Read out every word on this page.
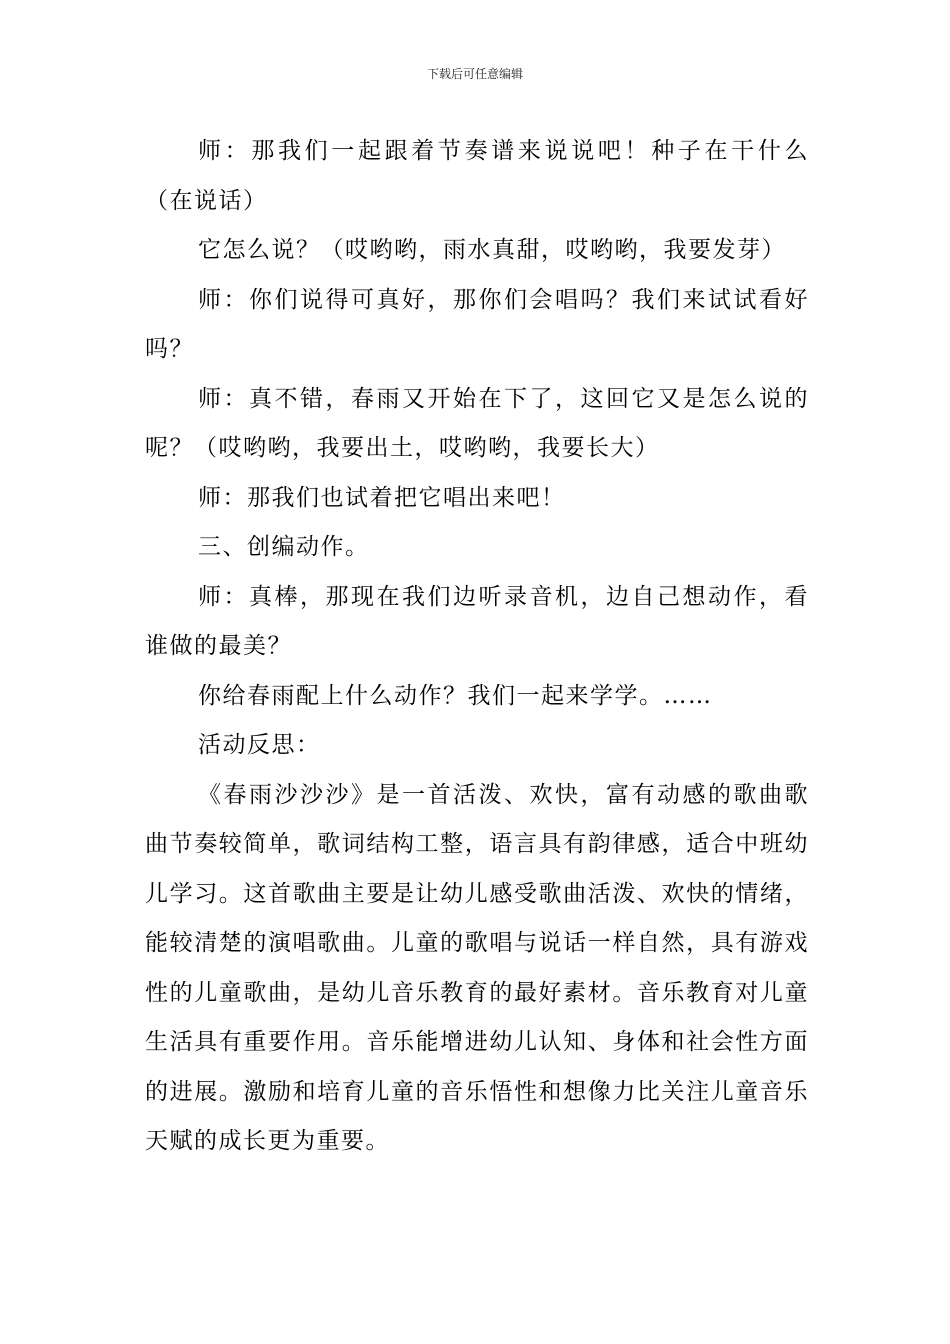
下载后可任意编辑

师：那我们一起跟着节奏谱来说说吧！种子在干什么（在说话）

它怎么说？（哎哟哟，雨水真甜，哎哟哟，我要发芽）

师：你们说得可真好，那你们会唱吗？我们来试试看好吗？

师：真不错，春雨又开始在下了，这回它又是怎么说的呢？（哎哟哟，我要出土，哎哟哟，我要长大）

师：那我们也试着把它唱出来吧！

三、创编动作。

师：真棒，那现在我们边听录音机，边自己想动作，看谁做的最美？

你给春雨配上什么动作？我们一起来学学。……

活动反思：

《春雨沙沙沙》是一首活泼、欢快，富有动感的歌曲歌曲节奏较简单，歌词结构工整，语言具有韵律感，适合中班幼儿学习。这首歌曲主要是让幼儿感受歌曲活泼、欢快的情绪，能较清楚的演唱歌曲。儿童的歌唱与说话一样自然，具有游戏性的儿童歌曲，是幼儿音乐教育的最好素材。音乐教育对儿童生活具有重要作用。音乐能增进幼儿认知、身体和社会性方面的进展。激励和培育儿童的音乐悟性和想像力比关注儿童音乐天赋的成长更为重要。
